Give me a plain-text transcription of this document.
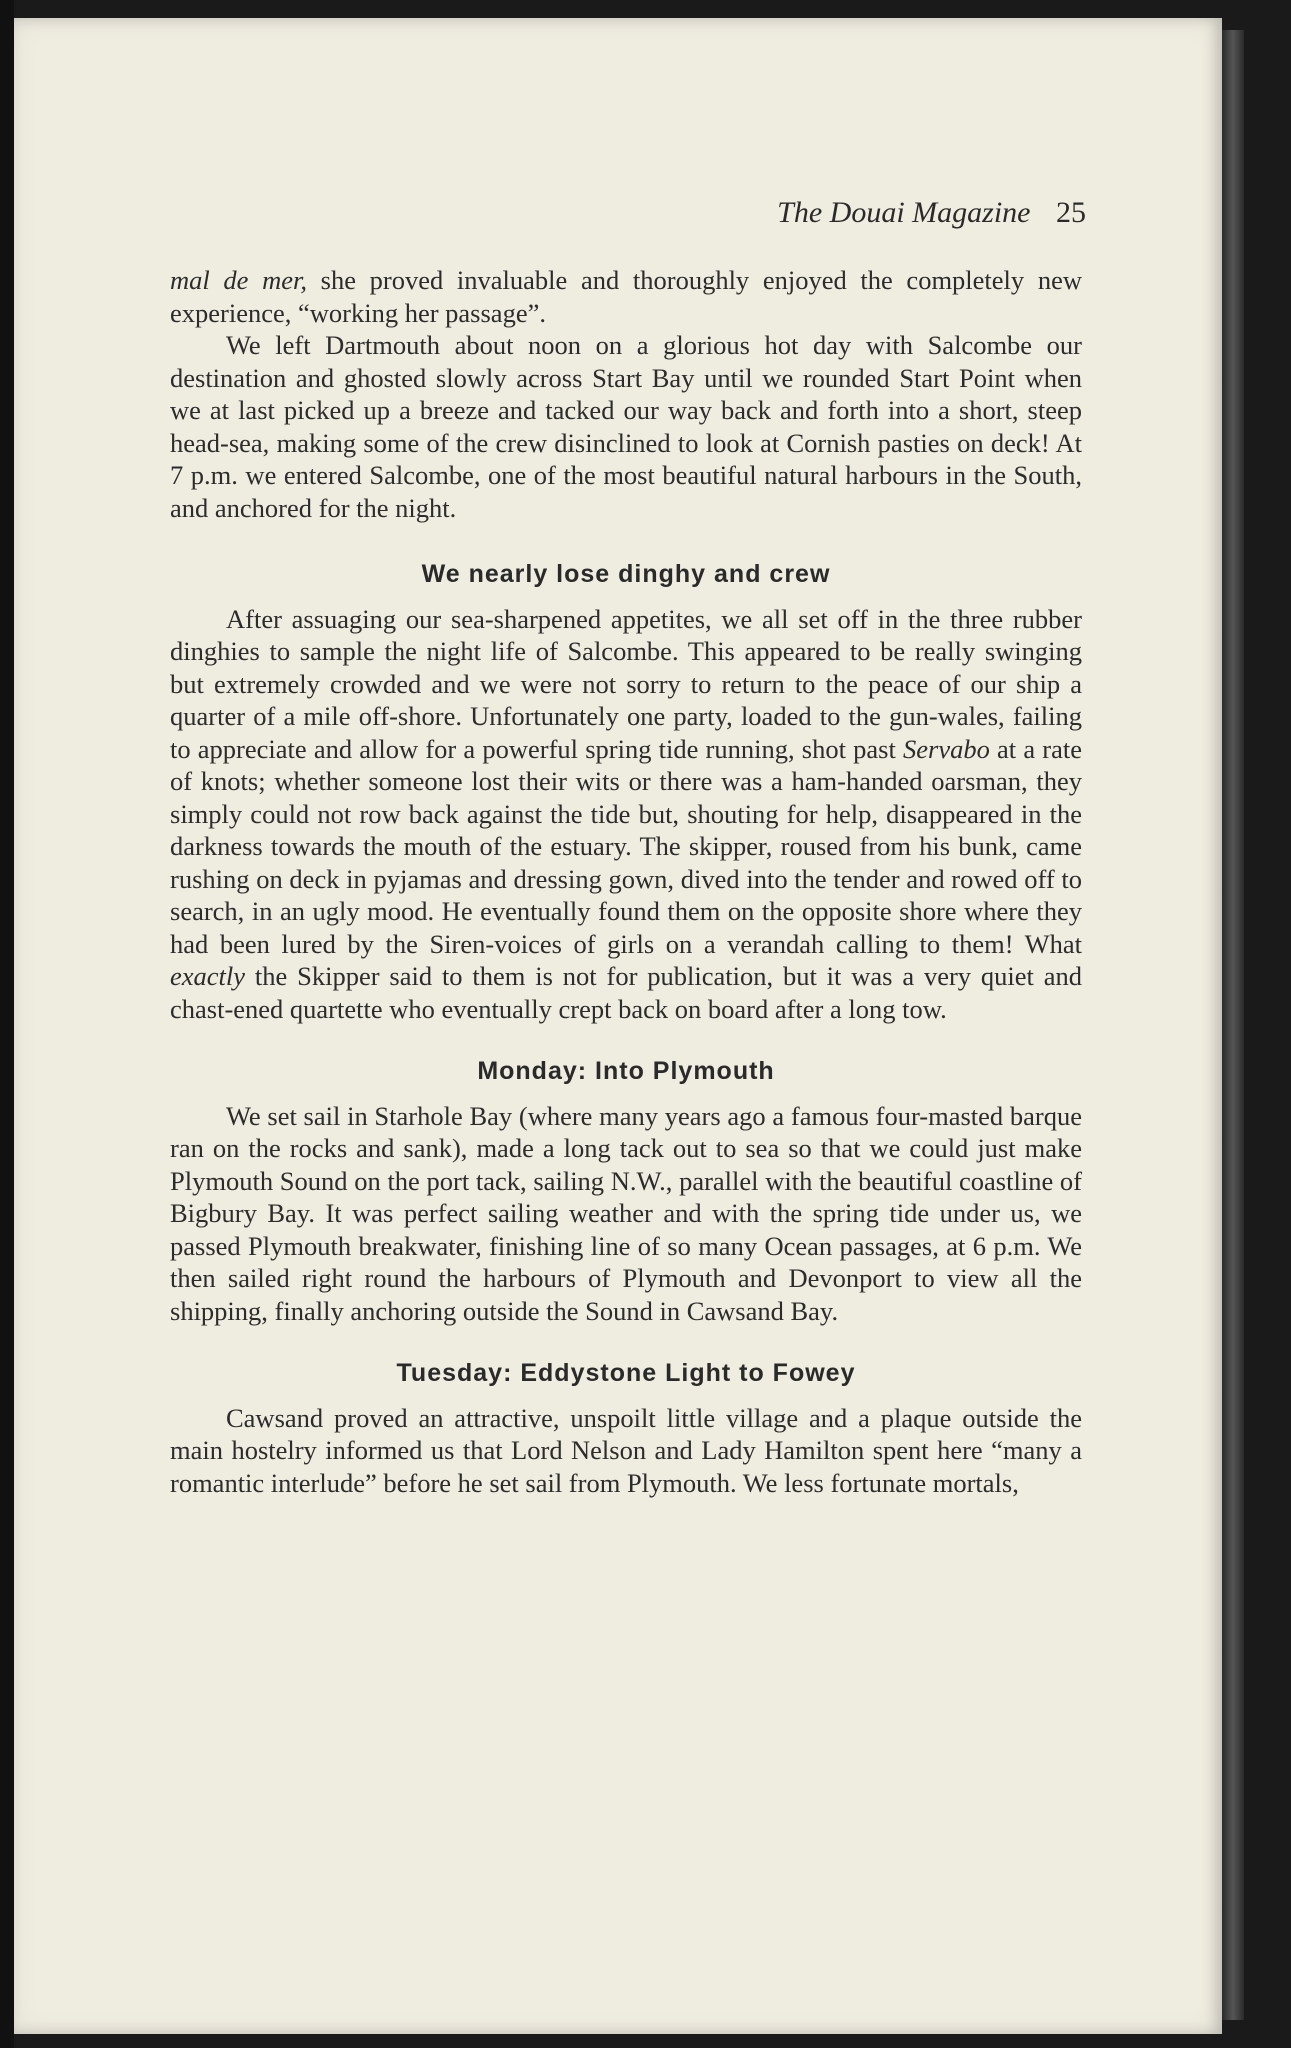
The Douai Magazine 25

mal de mer, she proved invaluable and thoroughly enjoyed the completely new experience, “working her passage”.

We left Dartmouth about noon on a glorious hot day with Salcombe our destination and ghosted slowly across Start Bay until we rounded Start Point when we at last picked up a breeze and tacked our way back and forth into a short, steep head-sea, making some of the crew disinclined to look at Cornish pasties on deck! At 7 p.m. we entered Salcombe, one of the most beautiful natural harbours in the South, and anchored for the night.

We nearly lose dinghy and crew

After assuaging our sea-sharpened appetites, we all set off in the three rubber dinghies to sample the night life of Salcombe. This appeared to be really swinging but extremely crowded and we were not sorry to return to the peace of our ship a quarter of a mile off-shore. Unfortunately one party, loaded to the gun-wales, failing to appreciate and allow for a powerful spring tide running, shot past Servabo at a rate of knots; whether someone lost their wits or there was a ham-handed oarsman, they simply could not row back against the tide but, shouting for help, disappeared in the darkness towards the mouth of the estuary. The skipper, roused from his bunk, came rushing on deck in pyjamas and dressing gown, dived into the tender and rowed off to search, in an ugly mood. He eventually found them on the opposite shore where they had been lured by the Siren-voices of girls on a verandah calling to them! What exactly the Skipper said to them is not for publication, but it was a very quiet and chast-ened quartette who eventually crept back on board after a long tow.

Monday: Into Plymouth

We set sail in Starhole Bay (where many years ago a famous four-masted barque ran on the rocks and sank), made a long tack out to sea so that we could just make Plymouth Sound on the port tack, sailing N.W., parallel with the beautiful coastline of Bigbury Bay. It was perfect sailing weather and with the spring tide under us, we passed Plymouth breakwater, finishing line of so many Ocean passages, at 6 p.m. We then sailed right round the harbours of Plymouth and Devonport to view all the shipping, finally anchoring outside the Sound in Cawsand Bay.

Tuesday: Eddystone Light to Fowey

Cawsand proved an attractive, unspoilt little village and a plaque outside the main hostelry informed us that Lord Nelson and Lady Hamilton spent here “many a romantic interlude” before he set sail from Plymouth. We less fortunate mortals,
